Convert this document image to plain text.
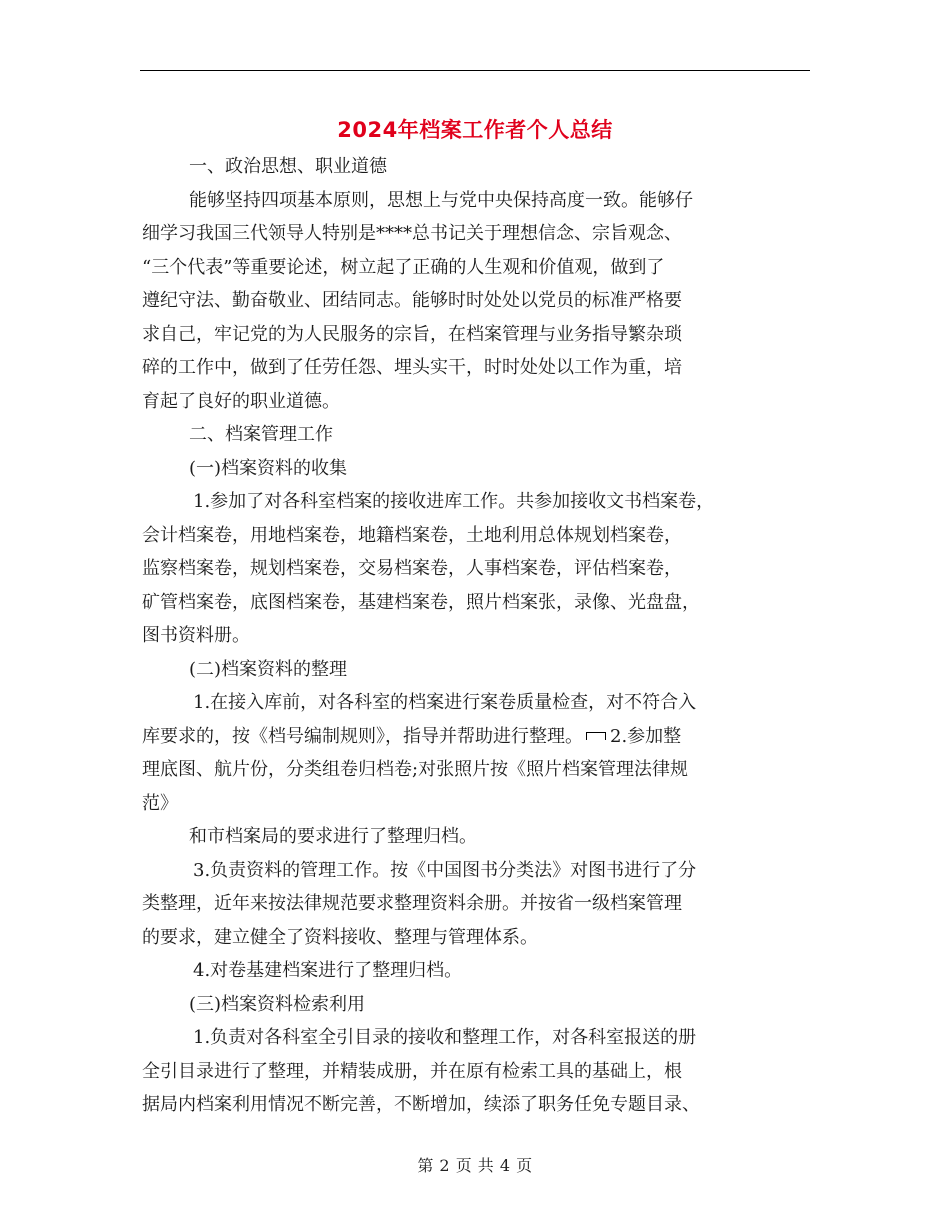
2024年档案工作者个人总结

一、政治思想、职业道德

能够坚持四项基本原则，思想上与党中央保持高度一致。能够仔

细学习我国三代领导人特别是****总书记关于理想信念、宗旨观念、

“三个代表”等重要论述，树立起了正确的人生观和价值观，做到了

遵纪守法、勤奋敬业、团结同志。能够时时处处以党员的标准严格要

求自己，牢记党的为人民服务的宗旨，在档案管理与业务指导繁杂琐

碎的工作中，做到了任劳任怨、埋头实干，时时处处以工作为重，培

育起了良好的职业道德。

二、档案管理工作

(一)档案资料的收集

1.参加了对各科室档案的接收进库工作。共参加接收文书档案卷，

会计档案卷，用地档案卷，地籍档案卷，土地利用总体规划档案卷，

监察档案卷，规划档案卷，交易档案卷，人事档案卷，评估档案卷，

矿管档案卷，底图档案卷，基建档案卷，照片档案张，录像、光盘盘，

图书资料册。

(二)档案资料的整理

1.在接入库前，对各科室的档案进行案卷质量检查，对不符合入

库要求的，按《档号编制规则》，指导并帮助进行整理。 2.参加整

理底图、航片份，分类组卷归档卷;对张照片按《照片档案管理法律规

范》

和市档案局的要求进行了整理归档。

3.负责资料的管理工作。按《中国图书分类法》对图书进行了分

类整理，近年来按法律规范要求整理资料余册。并按省一级档案管理

的要求，建立健全了资料接收、整理与管理体系。

4.对卷基建档案进行了整理归档。

(三)档案资料检索利用

1.负责对各科室全引目录的接收和整理工作，对各科室报送的册

全引目录进行了整理，并精装成册，并在原有检索工具的基础上，根

据局内档案利用情况不断完善，不断增加，续添了职务任免专题目录、

第 2 页 共 4 页
